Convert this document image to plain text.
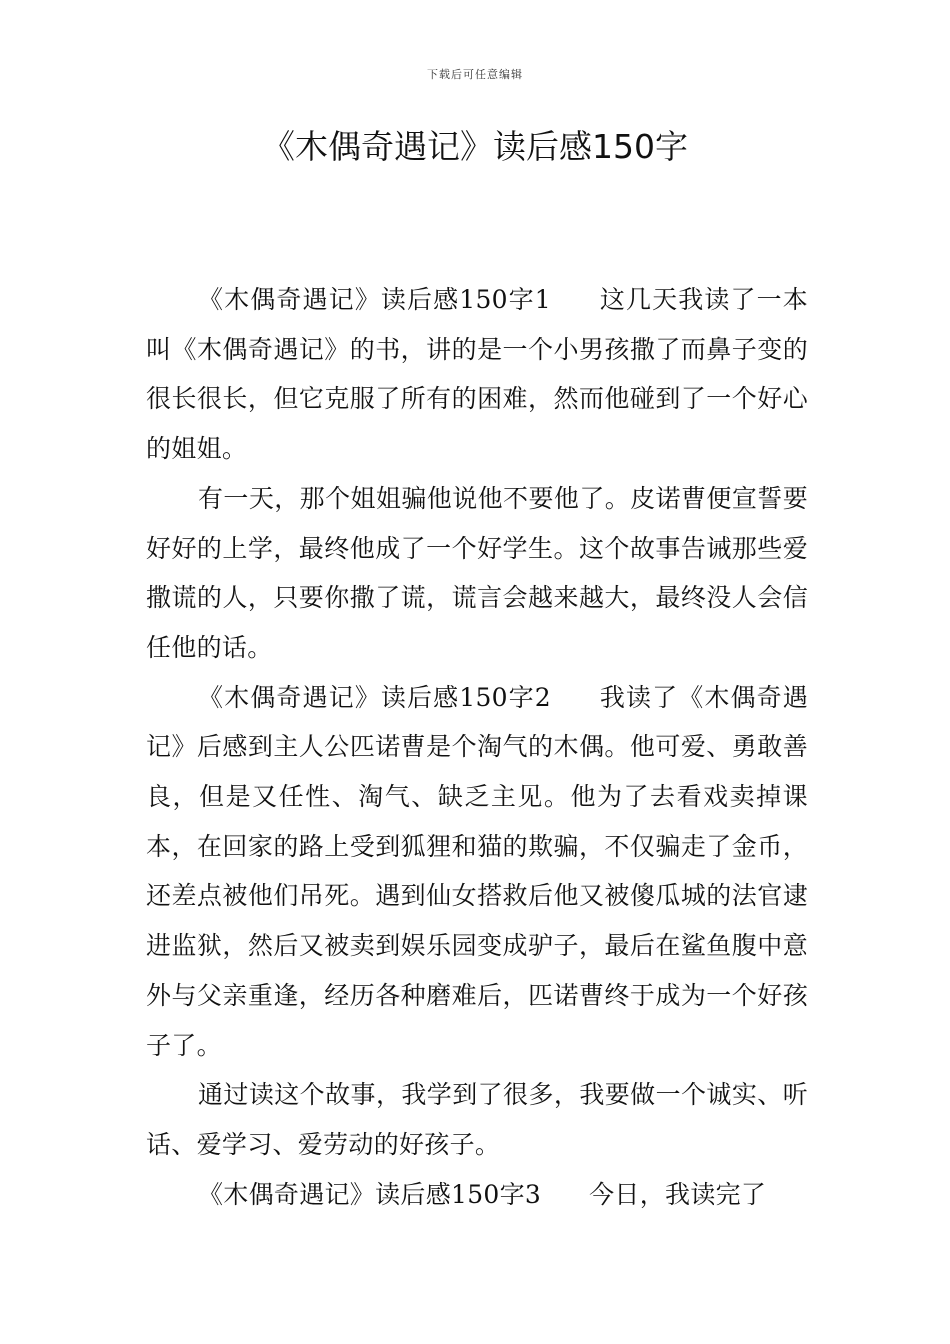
下载后可任意编辑
《木偶奇遇记》读后感150字

《木偶奇遇记》读后感150字1 这几天我读了一本叫《木偶奇遇记》的书，讲的是一个小男孩撒了而鼻子变的很长很长，但它克服了所有的困难，然而他碰到了一个好心的姐姐。

有一天，那个姐姐骗他说他不要他了。皮诺曹便宣誓要好好的上学，最终他成了一个好学生。这个故事告诫那些爱撒谎的人，只要你撒了谎，谎言会越来越大，最终没人会信任他的话。

《木偶奇遇记》读后感150字2 我读了《木偶奇遇记》后感到主人公匹诺曹是个淘气的木偶。他可爱、勇敢善良，但是又任性、淘气、缺乏主见。他为了去看戏卖掉课本，在回家的路上受到狐狸和猫的欺骗，不仅骗走了金币，还差点被他们吊死。遇到仙女搭救后他又被傻瓜城的法官逮进监狱，然后又被卖到娱乐园变成驴子，最后在鲨鱼腹中意外与父亲重逢，经历各种磨难后，匹诺曹终于成为一个好孩子了。

通过读这个故事，我学到了很多，我要做一个诚实、听话、爱学习、爱劳动的好孩子。

《木偶奇遇记》读后感150字3 今日，我读完了
